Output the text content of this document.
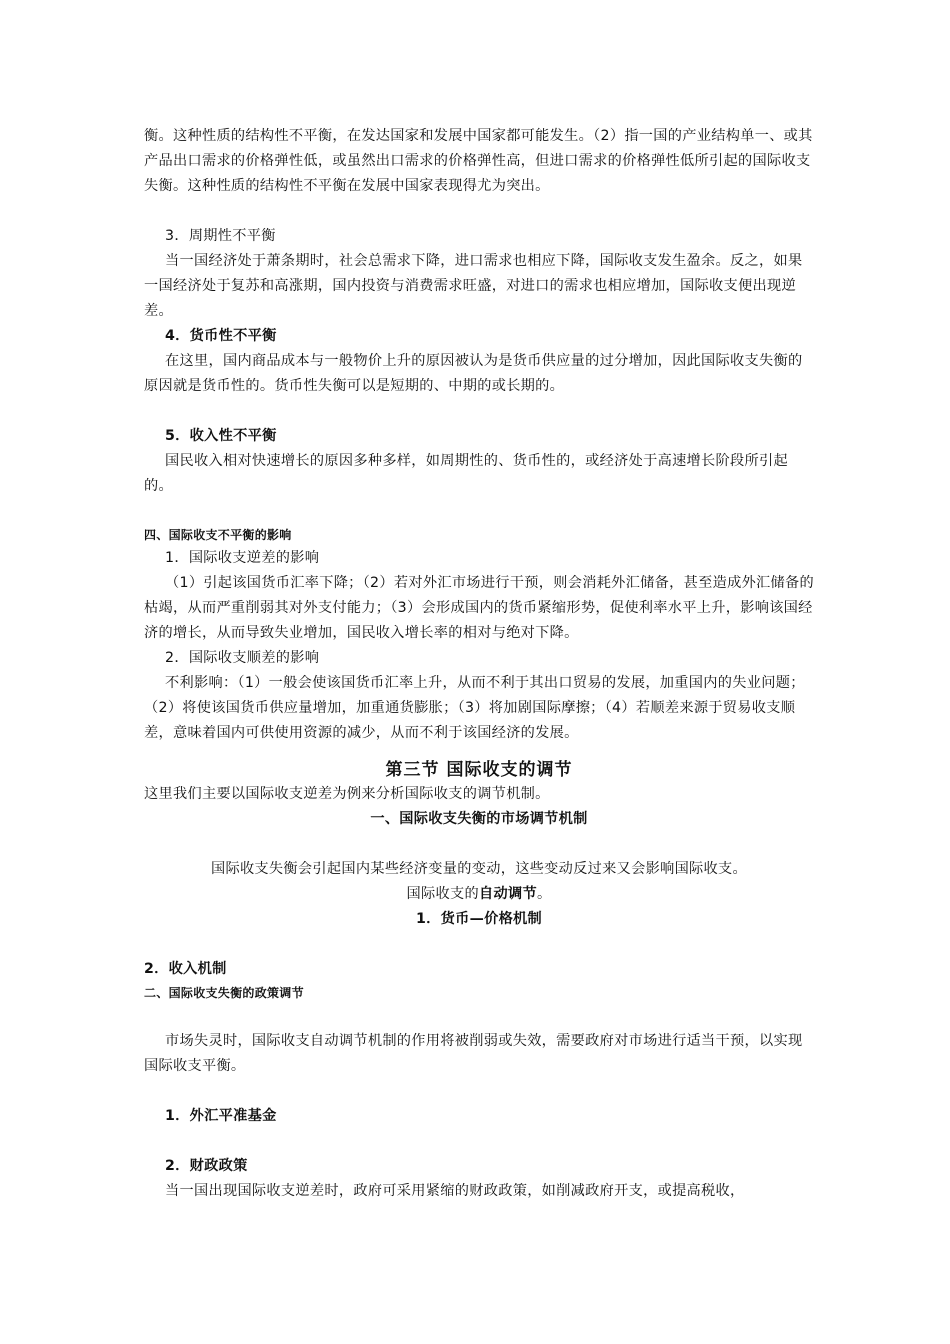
衡。这种性质的结构性不平衡，在发达国家和发展中国家都可能发生。（2）指一国的产业结构单一、或其产品出口需求的价格弹性低，或虽然出口需求的价格弹性高，但进口需求的价格弹性低所引起的国际收支失衡。这种性质的结构性不平衡在发展中国家表现得尤为突出。

3．周期性不平衡

当一国经济处于萧条期时，社会总需求下降，进口需求也相应下降，国际收支发生盈余。反之，如果一国经济处于复苏和高涨期，国内投资与消费需求旺盛，对进口的需求也相应增加，国际收支便出现逆差。

4．货币性不平衡

在这里，国内商品成本与一般物价上升的原因被认为是货币供应量的过分增加，因此国际收支失衡的原因就是货币性的。货币性失衡可以是短期的、中期的或长期的。

5．收入性不平衡

国民收入相对快速增长的原因多种多样，如周期性的、货币性的，或经济处于高速增长阶段所引起的。

四、国际收支不平衡的影响

1．国际收支逆差的影响

（1）引起该国货币汇率下降；（2）若对外汇市场进行干预，则会消耗外汇储备，甚至造成外汇储备的枯竭，从而严重削弱其对外支付能力；（3）会形成国内的货币紧缩形势，促使利率水平上升，影响该国经济的增长，从而导致失业增加，国民收入增长率的相对与绝对下降。

2．国际收支顺差的影响

不利影响：（1）一般会使该国货币汇率上升，从而不利于其出口贸易的发展，加重国内的失业问题；（2）将使该国货币供应量增加，加重通货膨胀；（3）将加剧国际摩擦；（4）若顺差来源于贸易收支顺差，意味着国内可供使用资源的减少，从而不利于该国经济的发展。

第三节 国际收支的调节

这里我们主要以国际收支逆差为例来分析国际收支的调节机制。

一、国际收支失衡的市场调节机制

国际收支失衡会引起国内某些经济变量的变动，这些变动反过来又会影响国际收支。

国际收支的自动调节。

1．货币—价格机制

2．收入机制

二、国际收支失衡的政策调节

市场失灵时，国际收支自动调节机制的作用将被削弱或失效，需要政府对市场进行适当干预，以实现国际收支平衡。

1．外汇平准基金

2．财政政策

当一国出现国际收支逆差时，政府可采用紧缩的财政政策，如削减政府开支，或提高税收，
